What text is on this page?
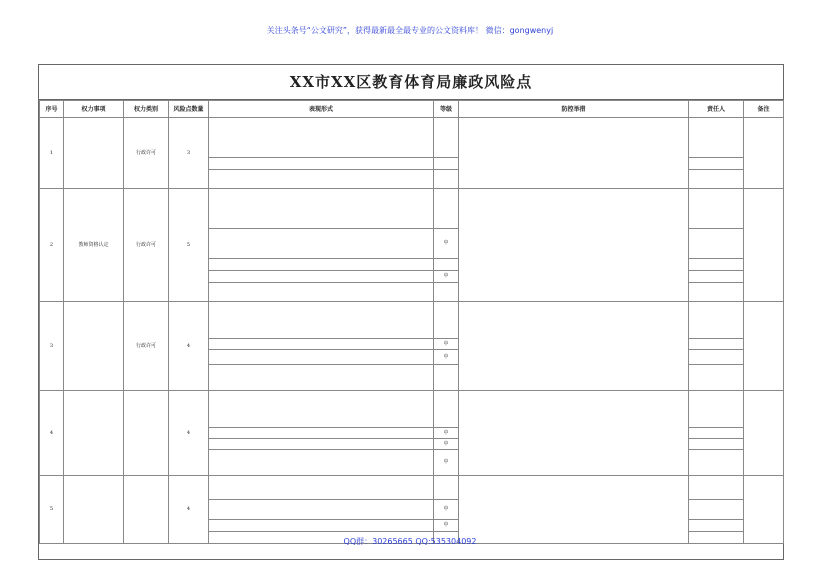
关注头条号“公文研究”，获得最新最全最专业的公文资料库！ 微信：gongwenyj
XX市XX区教育体育局廉政风险点
序号	权力事项	权力类别	风险点数量	表现形式	等级	防控举措	责任人	备注
1		行政许可	3					

2	教师资格认定	行政许可	5					
					中			

					中			

3		行政许可	4					
					中			
					中			

4			4					
					中			
					中			
					中			
5			4					
					中			
					中			

QQ群：30265665 QQ:535304092
